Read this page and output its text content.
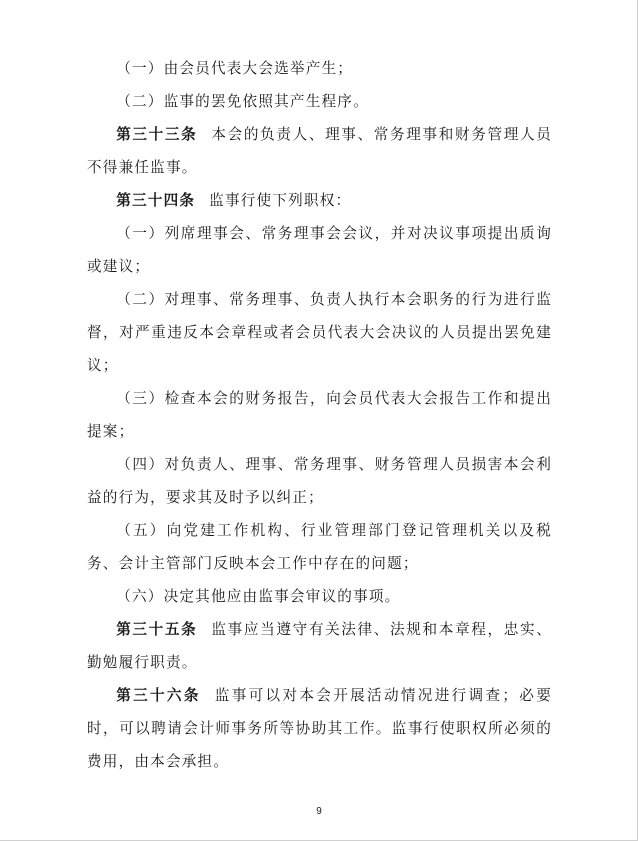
（一）由会员代表大会选举产生；

（二）监事的罢免依照其产生程序。

第三十三条 本会的负责人、理事、常务理事和财务管理人员不得兼任监事。

第三十四条 监事行使下列职权：

（一）列席理事会、常务理事会会议，并对决议事项提出质询或建议；

（二）对理事、常务理事、负责人执行本会职务的行为进行监督，对严重违反本会章程或者会员代表大会决议的人员提出罢免建议；

（三）检查本会的财务报告，向会员代表大会报告工作和提出提案；

（四）对负责人、理事、常务理事、财务管理人员损害本会利益的行为，要求其及时予以纠正；

（五）向党建工作机构、行业管理部门登记管理机关以及税务、会计主管部门反映本会工作中存在的问题；

（六）决定其他应由监事会审议的事项。

第三十五条 监事应当遵守有关法律、法规和本章程，忠实、勤勉履行职责。

第三十六条 监事可以对本会开展活动情况进行调查；必要时，可以聘请会计师事务所等协助其工作。监事行使职权所必须的费用，由本会承担。

9
